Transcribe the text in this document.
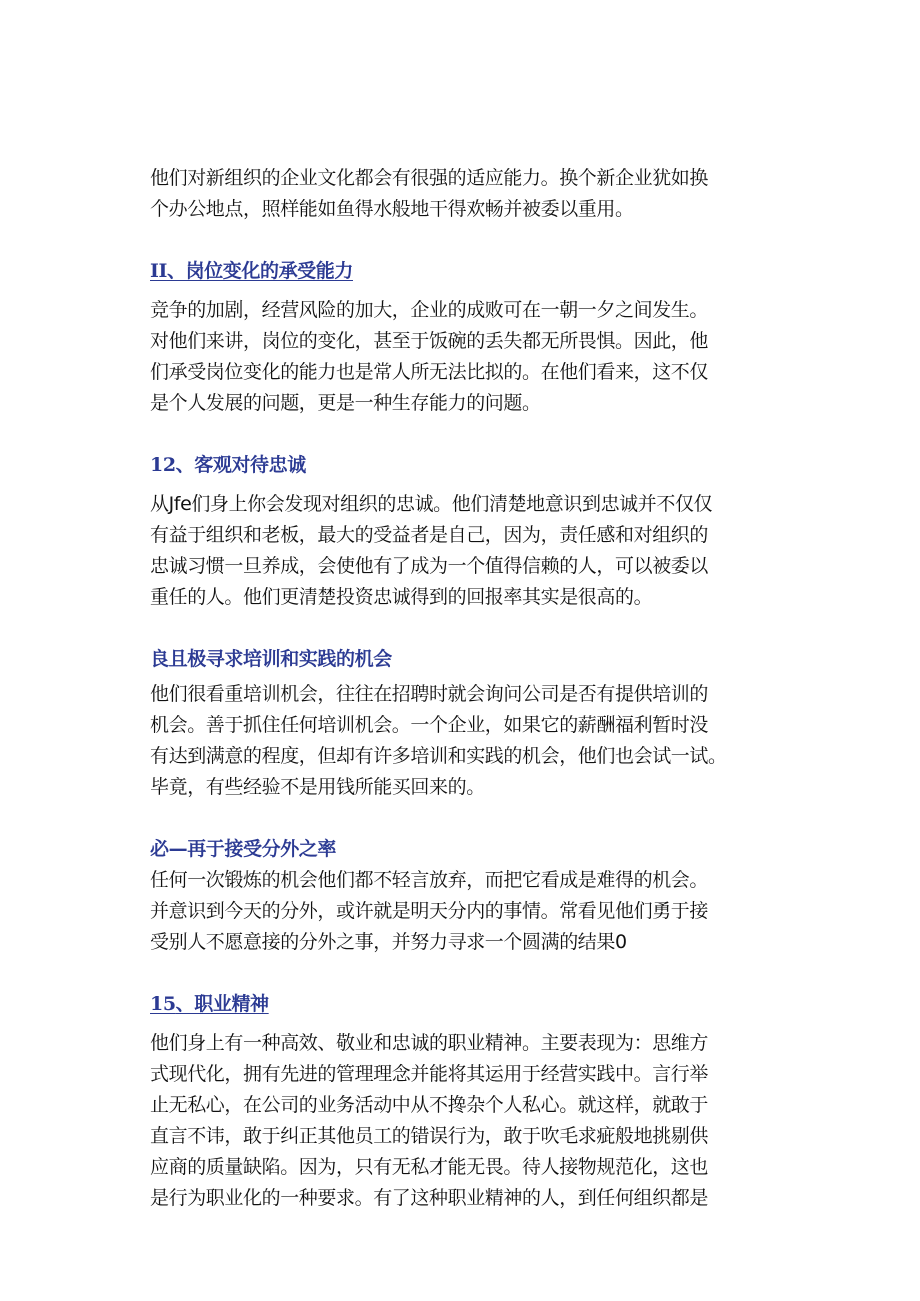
他们对新组织的企业文化都会有很强的适应能力。换个新企业犹如换
个办公地点，照样能如鱼得水般地干得欢畅并被委以重用。

II、岗位变化的承受能力

竞争的加剧，经营风险的加大，企业的成败可在一朝一夕之间发生。
对他们来讲，岗位的变化，甚至于饭碗的丢失都无所畏惧。因此，他
们承受岗位变化的能力也是常人所无法比拟的。在他们看来，这不仅
是个人发展的问题，更是一种生存能力的问题。

12、客观对待忠诚

从Jfe们身上你会发现对组织的忠诚。他们清楚地意识到忠诚并不仅仅
有益于组织和老板，最大的受益者是自己，因为，责任感和对组织的
忠诚习惯一旦养成，会使他有了成为一个值得信赖的人，可以被委以
重任的人。他们更清楚投资忠诚得到的回报率其实是很高的。

良且极寻求培训和实践的机会

他们很看重培训机会，往往在招聘时就会询问公司是否有提供培训的
机会。善于抓住任何培训机会。一个企业，如果它的薪酬福利暂时没
有达到满意的程度，但却有许多培训和实践的机会，他们也会试一试。
毕竟，有些经验不是用钱所能买回来的。

必—再于接受分外之率

任何一次锻炼的机会他们都不轻言放弃，而把它看成是难得的机会。
并意识到今天的分外，或许就是明天分内的事情。常看见他们勇于接
受别人不愿意接的分外之事，并努力寻求一个圆满的结果0

15、职业精神

他们身上有一种高效、敬业和忠诚的职业精神。主要表现为：思维方
式现代化，拥有先进的管理理念并能将其运用于经营实践中。言行举
止无私心，在公司的业务活动中从不搀杂个人私心。就这样，就敢于
直言不讳，敢于纠正其他员工的错误行为，敢于吹毛求疵般地挑剔供
应商的质量缺陷。因为，只有无私才能无畏。待人接物规范化，这也
是行为职业化的一种要求。有了这种职业精神的人，到任何组织都是
